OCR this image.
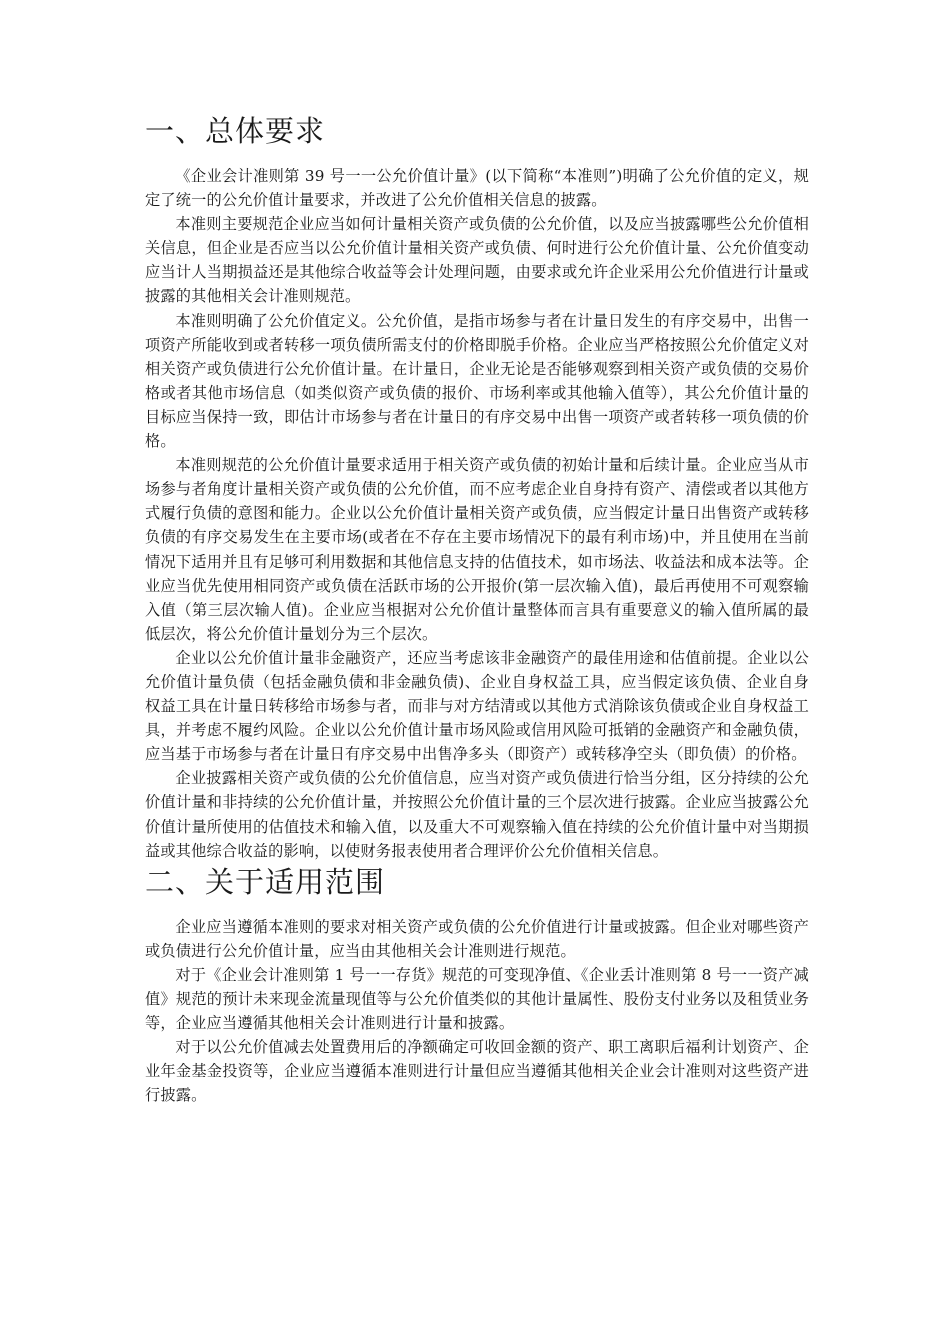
一、总体要求

《企业会计准则第 39 号一一公允价值计量》(以下简称“本准则”)明确了公允价值的定义，规定了统一的公允价值计量要求，并改进了公允价值相关信息的披露。

本准则主要规范企业应当如何计量相关资产或负债的公允价值，以及应当披露哪些公允价值相关信息，但企业是否应当以公允价值计量相关资产或负债、何时进行公允价值计量、公允价值变动应当计人当期损益还是其他综合收益等会计处理问题，由要求或允许企业采用公允价值进行计量或披露的其他相关会计准则规范。

本准则明确了公允价值定义。公允价值，是指市场参与者在计量日发生的有序交易中，出售一项资产所能收到或者转移一项负债所需支付的价格即脱手价格。企业应当严格按照公允价值定义对相关资产或负债进行公允价值计量。在计量日，企业无论是否能够观察到相关资产或负债的交易价格或者其他市场信息（如类似资产或负债的报价、市场利率或其他输入值等），其公允价值计量的目标应当保持一致，即估计市场参与者在计量日的有序交易中出售一项资产或者转移一项负债的价格。

本准则规范的公允价值计量要求适用于相关资产或负债的初始计量和后续计量。企业应当从市场参与者角度计量相关资产或负债的公允价值，而不应考虑企业自身持有资产、清偿或者以其他方式履行负债的意图和能力。企业以公允价值计量相关资产或负债，应当假定计量日出售资产或转移负债的有序交易发生在主要市场(或者在不存在主要市场情况下的最有利市场)中，并且使用在当前情况下适用并且有足够可利用数据和其他信息支持的估值技术，如市场法、收益法和成本法等。企业应当优先使用相同资产或负债在活跃市场的公开报价(第一层次输入值)，最后再使用不可观察输入值（第三层次输人值)。企业应当根据对公允价值计量整体而言具有重要意义的输入值所属的最低层次，将公允价值计量划分为三个层次。

企业以公允价值计量非金融资产，还应当考虑该非金融资产的最佳用途和估值前提。企业以公允价值计量负债（包括金融负债和非金融负债)、企业自身权益工具，应当假定该负债、企业自身权益工具在计量日转移给市场参与者，而非与对方结清或以其他方式消除该负债或企业自身权益工具，并考虑不履约风险。企业以公允价值计量市场风险或信用风险可抵销的金融资产和金融负债，应当基于市场参与者在计量日有序交易中出售净多头（即资产）或转移净空头（即负债）的价格。

企业披露相关资产或负债的公允价值信息，应当对资产或负债进行恰当分组，区分持续的公允价值计量和非持续的公允价值计量，并按照公允价值计量的三个层次进行披露。企业应当披露公允价值计量所使用的估值技术和输入值，以及重大不可观察输入值在持续的公允价值计量中对当期损益或其他综合收益的影响，以使财务报表使用者合理评价公允价值相关信息。

二、关于适用范围

企业应当遵循本准则的要求对相关资产或负债的公允价值进行计量或披露。但企业对哪些资产或负债进行公允价值计量，应当由其他相关会计准则进行规范。

对于《企业会计准则第 1 号一一存货》规范的可变现净值、《企业丢计准则第 8 号一一资产减值》规范的预计未来现金流量现值等与公允价值类似的其他计量属性、股份支付业务以及租赁业务等，企业应当遵循其他相关会计准则进行计量和披露。

对于以公允价值减去处置费用后的净额确定可收回金额的资产、职工离职后福利计划资产、企业年金基金投资等，企业应当遵循本准则进行计量但应当遵循其他相关企业会计准则对这些资产进行披露。
